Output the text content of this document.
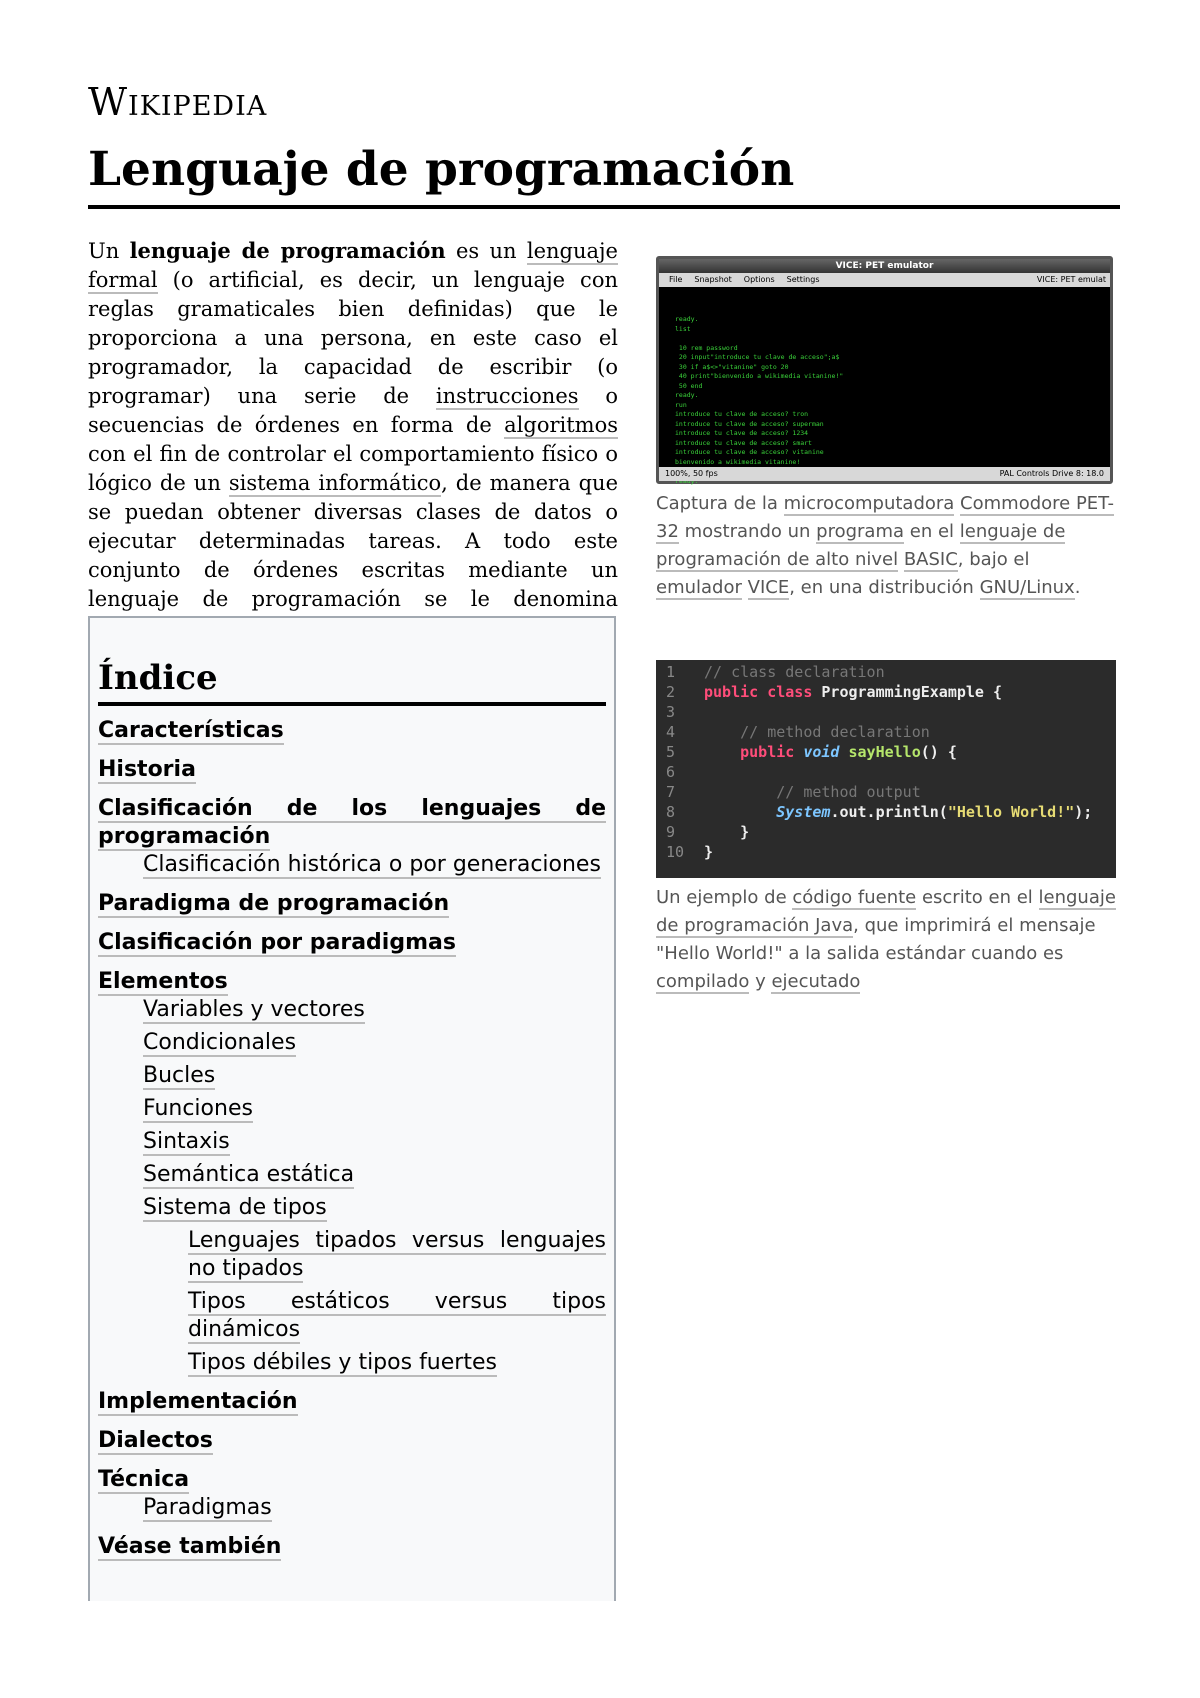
Wikipedia
Lenguaje de programación

Un lenguaje de programación es un lenguaje formal (o artificial, es decir, un lenguaje con reglas gramaticales bien definidas) que le proporciona a una persona, en este caso el programador, la capacidad de escribir (o programar) una serie de instrucciones o secuencias de órdenes en forma de algoritmos con el fin de controlar el comportamiento físico o lógico de un sistema informático, de manera que se puedan obtener diversas clases de datos o ejecutar determinadas tareas. A todo este conjunto de órdenes escritas mediante un lenguaje de programación se le denomina

Índice
Características
Historia
Clasificación de los lenguajes de programación
Clasificación histórica o por generaciones
Paradigma de programación
Clasificación por paradigmas
Elementos
Variables y vectores
Condicionales
Bucles
Funciones
Sintaxis
Semántica estática
Sistema de tipos
Lenguajes tipados versus lenguajes no tipados
Tipos estáticos versus tipos dinámicos
Tipos débiles y tipos fuertes
Implementación
Dialectos
Técnica
Paradigmas
Véase también
VICE: PET emulator
File Snapshot Options Settings	VICE: PET emulat
ready.
list

10 rem password
20 input"introduce tu clave de acceso";a$
30 if a$<>"vitanine" goto 20
40 print"bienvenido a wikimedia vitanine!"
50 end
ready.
run
introduce tu clave de acceso? tron
introduce tu clave de acceso? superman
introduce tu clave de acceso? 1234
introduce tu clave de acceso? smart
introduce tu clave de acceso? vitanine
bienvenido a wikimedia vitanine!

100%, 50 fps	PAL Controls Drive 8: 18.0
Captura de la microcomputadora Commodore PET-32 mostrando un programa en el lenguaje de programación de alto nivel BASIC, bajo el emulador VICE, en una distribución GNU/Linux.
1
2
3
4
5
6
7
8
9
10
// class declaration
public class ProgrammingExample {

// method declaration
public void sayHello() {

// method output
System.out.println("Hello World!");
}
}
Un ejemplo de código fuente escrito en el lenguaje de programación Java, que imprimirá el mensaje "Hello World!" a la salida estándar cuando es compilado y ejecutado
